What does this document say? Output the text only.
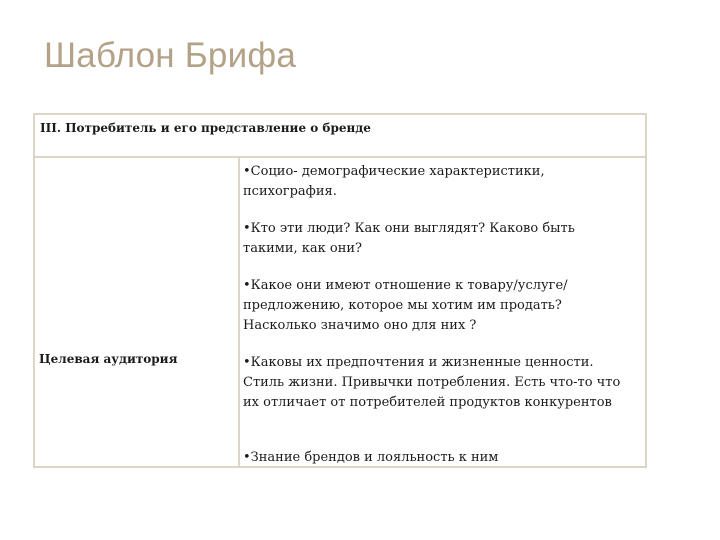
Шаблон Брифа
III. Потребитель и его представление о бренде
Целевая аудитория
•Социо- демографические характеристики, психография.
•Кто эти люди? Как они выглядят? Каково быть такими, как они?
•Какое они имеют отношение к товару/услуге/ предложению, которое мы хотим им продать? Насколько значимо оно для них ?
•Каковы их предпочтения и жизненные ценности. Стиль жизни. Привычки потребления. Есть что-то что их отличает от потребителей продуктов конкурентов
•Знание брендов и лояльность к ним
